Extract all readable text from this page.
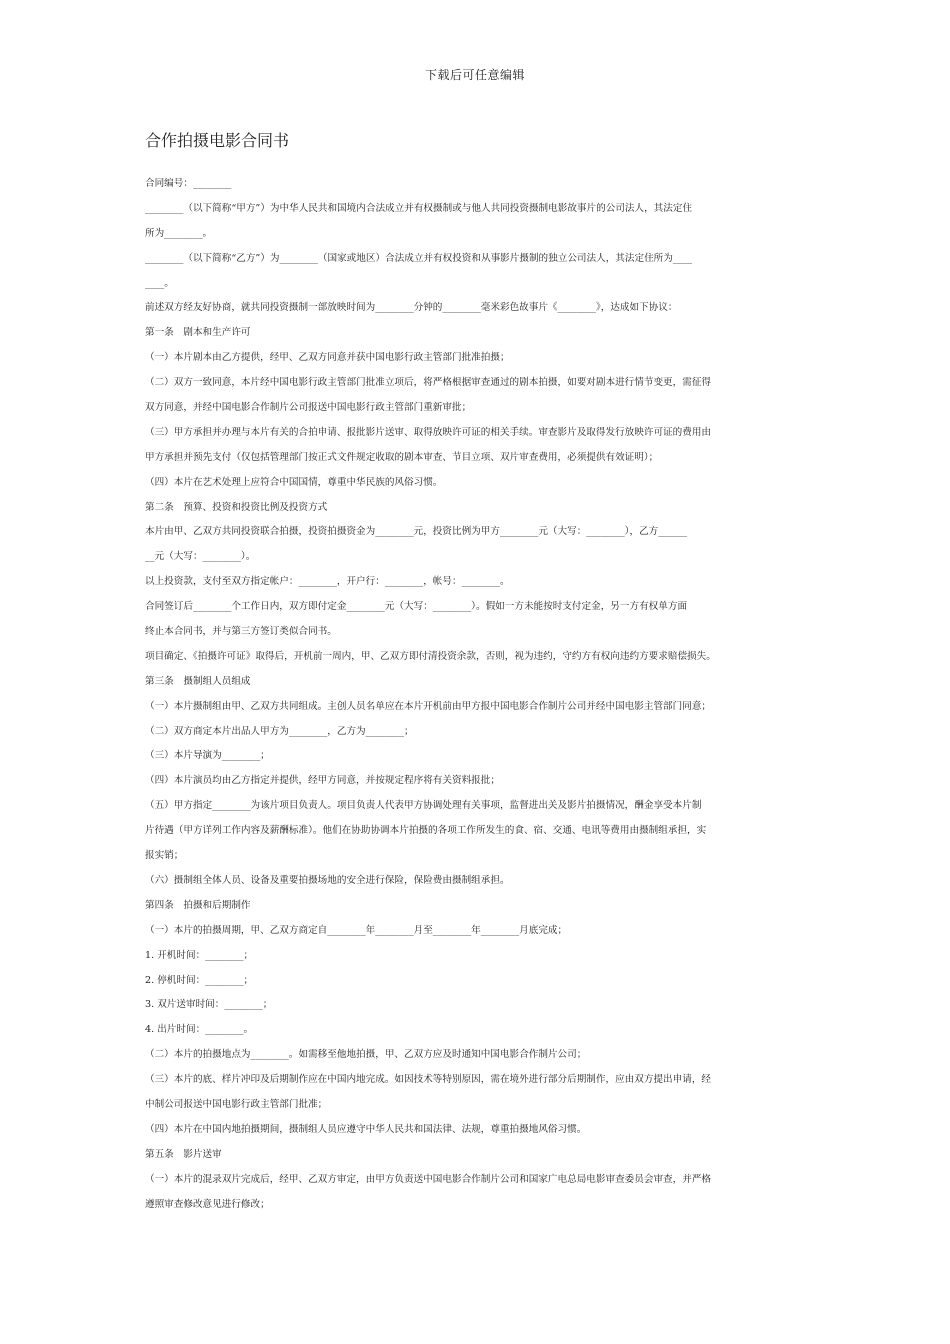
下载后可任意编辑
合作拍摄电影合同书
合同编号：________
________（以下简称“甲方”）为中华人民共和国境内合法成立并有权摄制或与他人共同投资摄制电影故事片的公司法人，其法定住
所为________。
________（以下简称“乙方”）为________（国家或地区）合法成立并有权投资和从事影片摄制的独立公司法人，其法定住所为____
____。
前述双方经友好协商，就共同投资摄制一部放映时间为________分钟的________毫米彩色故事片《________》，达成如下协议：
第一条　剧本和生产许可
（一）本片剧本由乙方提供，经甲、乙双方同意并获中国电影行政主管部门批准拍摄；
（二）双方一致同意，本片经中国电影行政主管部门批准立项后，将严格根据审查通过的剧本拍摄，如要对剧本进行情节变更，需征得
双方同意，并经中国电影合作制片公司报送中国电影行政主管部门重新审批；
（三）甲方承担并办理与本片有关的合拍申请、报批影片送审、取得放映许可证的相关手续。审查影片及取得发行放映许可证的费用由
甲方承担并预先支付（仅包括管理部门按正式文件规定收取的剧本审查、节目立项、双片审查费用，必须提供有效证明）；
（四）本片在艺术处理上应符合中国国情，尊重中华民族的风俗习惯。
第二条　预算、投资和投资比例及投资方式
本片由甲、乙双方共同投资联合拍摄，投资拍摄资金为________元，投资比例为甲方________元（大写：________），乙方______
__元（大写：________）。
以上投资款，支付至双方指定帐户：________，开户行：________，帐号：________。
合同签订后________个工作日内，双方即付定金________元（大写：________）。假如一方未能按时支付定金，另一方有权单方面
终止本合同书，并与第三方签订类似合同书。
项目确定、《拍摄许可证》取得后，开机前一周内，甲、乙双方即付清投资余款，否则，视为违约，守约方有权向违约方要求赔偿损失。
第三条　摄制组人员组成
（一）本片摄制组由甲、乙双方共同组成。主创人员名单应在本片开机前由甲方报中国电影合作制片公司并经中国电影主管部门同意；
（二）双方商定本片出品人甲方为________，乙方为________；
（三）本片导演为________；
（四）本片演员均由乙方指定并提供，经甲方同意，并按规定程序将有关资料报批；
（五）甲方指定________为该片项目负责人。项目负责人代表甲方协调处理有关事项，监督进出关及影片拍摄情况，酬金享受本片制
片待遇（甲方详列工作内容及薪酬标准）。他们在协助协调本片拍摄的各项工作所发生的食、宿、交通、电讯等费用由摄制组承担，实
报实销；
（六）摄制组全体人员、设备及重要拍摄场地的安全进行保险，保险费由摄制组承担。
第四条　拍摄和后期制作
（一）本片的拍摄周期，甲、乙双方商定自________年________月至________年________月底完成；
1. 开机时间：________；
2. 停机时间：________；
3. 双片送审时间：________；
4. 出片时间：________。
（二）本片的拍摄地点为________。如需移至他地拍摄，甲、乙双方应及时通知中国电影合作制片公司；
（三）本片的底、样片冲印及后期制作应在中国内地完成。如因技术等特别原因，需在境外进行部分后期制作，应由双方提出申请，经
中制公司报送中国电影行政主管部门批准；
（四）本片在中国内地拍摄期间，摄制组人员应遵守中华人民共和国法律、法规，尊重拍摄地风俗习惯。
第五条　影片送审
（一）本片的混录双片完成后，经甲、乙双方审定，由甲方负责送中国电影合作制片公司和国家广电总局电影审查委员会审查，并严格
遵照审查修改意见进行修改；
